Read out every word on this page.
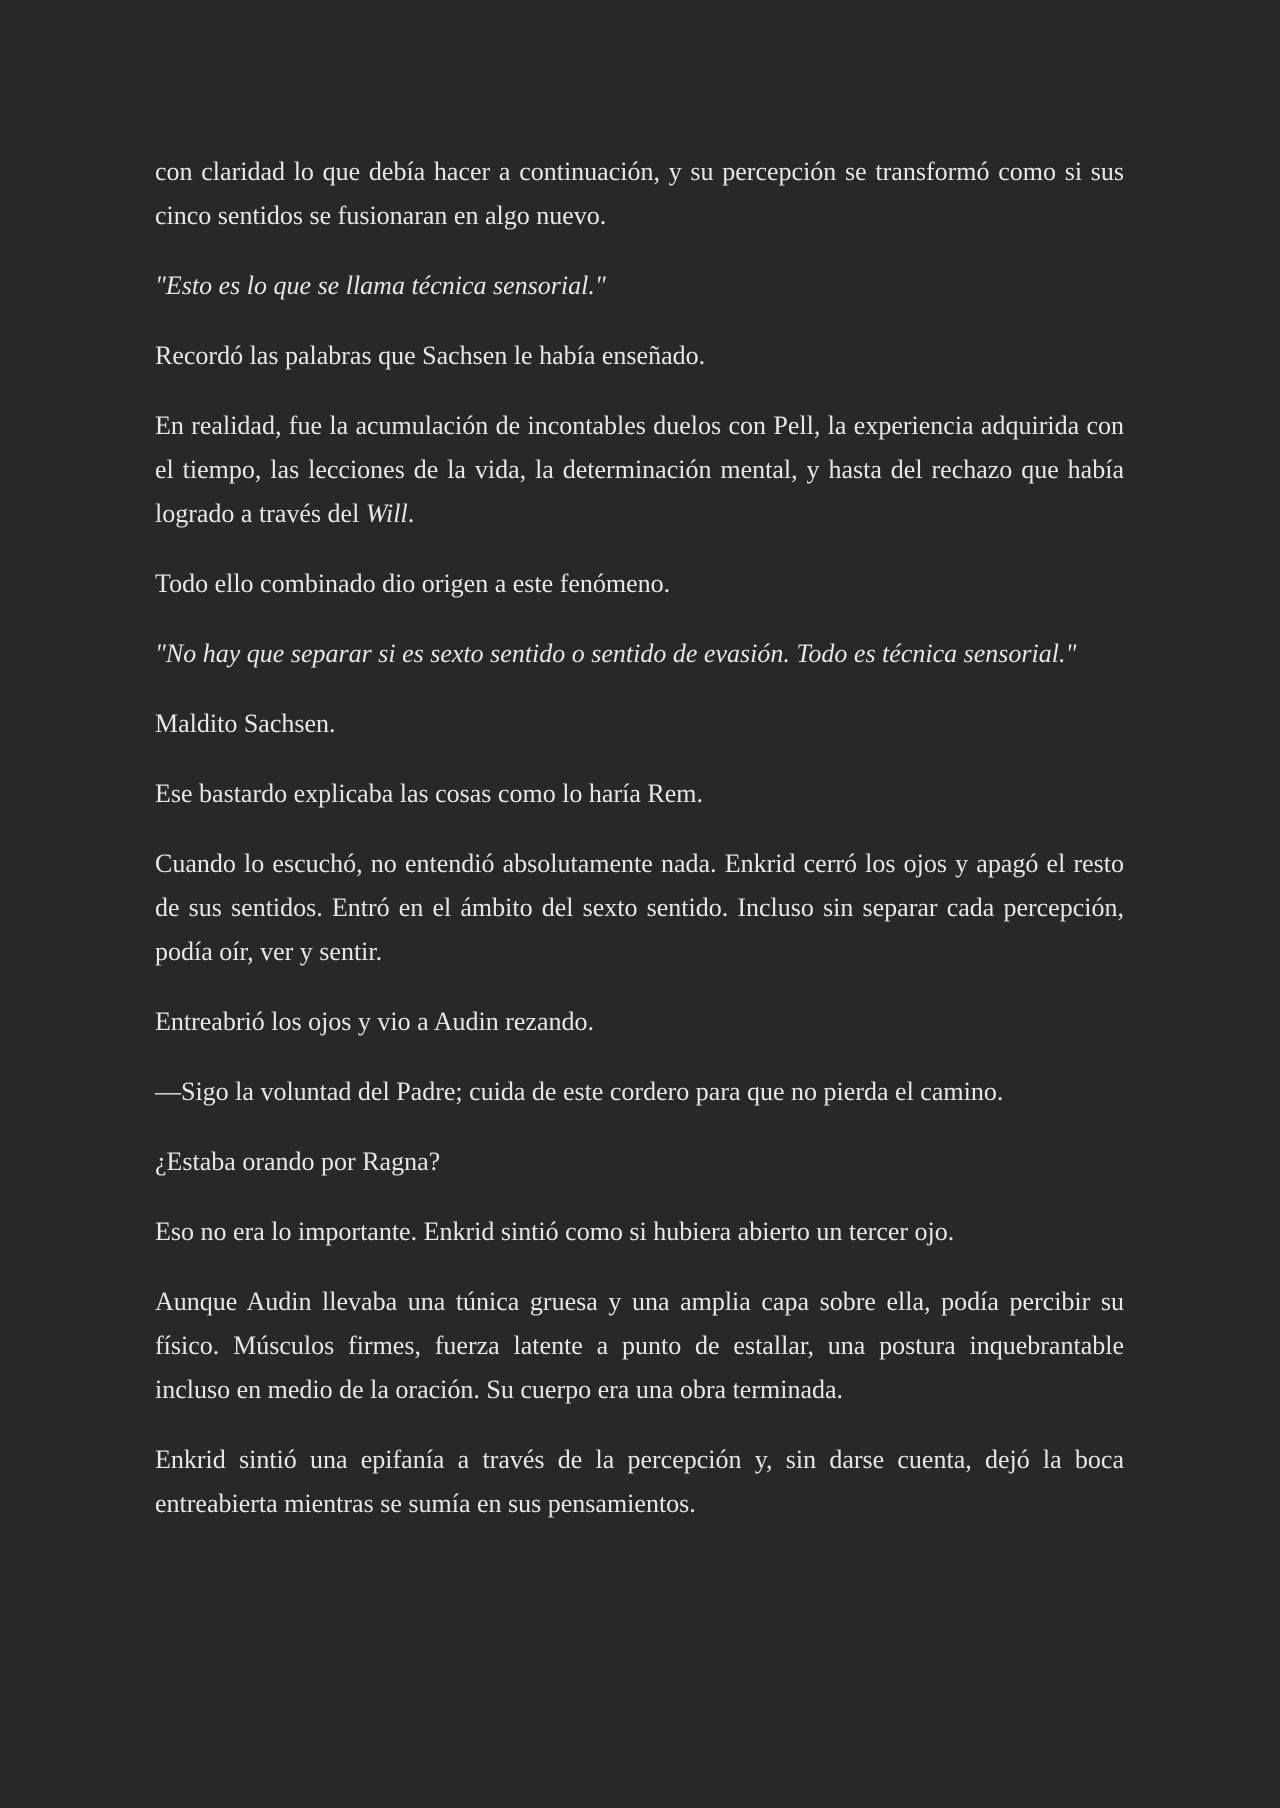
con claridad lo que debía hacer a continuación, y su percepción se transformó como si sus cinco sentidos se fusionaran en algo nuevo.

"Esto es lo que se llama técnica sensorial."

Recordó las palabras que Sachsen le había enseñado.

En realidad, fue la acumulación de incontables duelos con Pell, la experiencia adquirida con el tiempo, las lecciones de la vida, la determinación mental, y hasta del rechazo que había logrado a través del Will.

Todo ello combinado dio origen a este fenómeno.

"No hay que separar si es sexto sentido o sentido de evasión. Todo es técnica sensorial."

Maldito Sachsen.

Ese bastardo explicaba las cosas como lo haría Rem.

Cuando lo escuchó, no entendió absolutamente nada. Enkrid cerró los ojos y apagó el resto de sus sentidos. Entró en el ámbito del sexto sentido. Incluso sin separar cada percepción, podía oír, ver y sentir.

Entreabrió los ojos y vio a Audin rezando.

—Sigo la voluntad del Padre; cuida de este cordero para que no pierda el camino.

¿Estaba orando por Ragna?

Eso no era lo importante. Enkrid sintió como si hubiera abierto un tercer ojo.

Aunque Audin llevaba una túnica gruesa y una amplia capa sobre ella, podía percibir su físico. Músculos firmes, fuerza latente a punto de estallar, una postura inquebrantable incluso en medio de la oración. Su cuerpo era una obra terminada.

Enkrid sintió una epifanía a través de la percepción y, sin darse cuenta, dejó la boca entreabierta mientras se sumía en sus pensamientos.
